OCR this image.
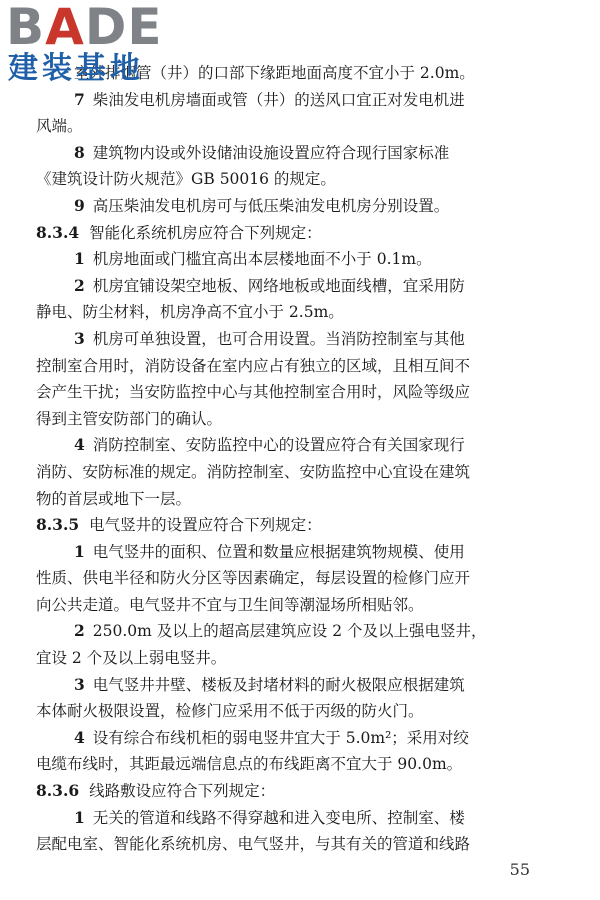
BADE
建装基地
室外排烟管（井）的口部下缘距地面高度不宜小于 2.0m。
7 柴油发电机房墙面或管（井）的送风口宜正对发电机进
风端。
8 建筑物内设或外设储油设施设置应符合现行国家标准
《建筑设计防火规范》GB 50016 的规定。
9 高压柴油发电机房可与低压柴油发电机房分别设置。
8.3.4 智能化系统机房应符合下列规定：
1 机房地面或门槛宜高出本层楼地面不小于 0.1m。
2 机房宜铺设架空地板、网络地板或地面线槽，宜采用防
静电、防尘材料，机房净高不宜小于 2.5m。
3 机房可单独设置，也可合用设置。当消防控制室与其他
控制室合用时，消防设备在室内应占有独立的区域，且相互间不
会产生干扰；当安防监控中心与其他控制室合用时，风险等级应
得到主管安防部门的确认。
4 消防控制室、安防监控中心的设置应符合有关国家现行
消防、安防标准的规定。消防控制室、安防监控中心宜设在建筑
物的首层或地下一层。
8.3.5 电气竖井的设置应符合下列规定：
1 电气竖井的面积、位置和数量应根据建筑物规模、使用
性质、供电半径和防火分区等因素确定，每层设置的检修门应开
向公共走道。电气竖井不宜与卫生间等潮湿场所相贴邻。
2 250.0m 及以上的超高层建筑应设 2 个及以上强电竖井，
宜设 2 个及以上弱电竖井。
3 电气竖井井壁、楼板及封堵材料的耐火极限应根据建筑
本体耐火极限设置，检修门应采用不低于丙级的防火门。
4 设有综合布线机柜的弱电竖井宜大于 5.0m²；采用对绞
电缆布线时，其距最远端信息点的布线距离不宜大于 90.0m。
8.3.6 线路敷设应符合下列规定：
1 无关的管道和线路不得穿越和进入变电所、控制室、楼
层配电室、智能化系统机房、电气竖井，与其有关的管道和线路
55
